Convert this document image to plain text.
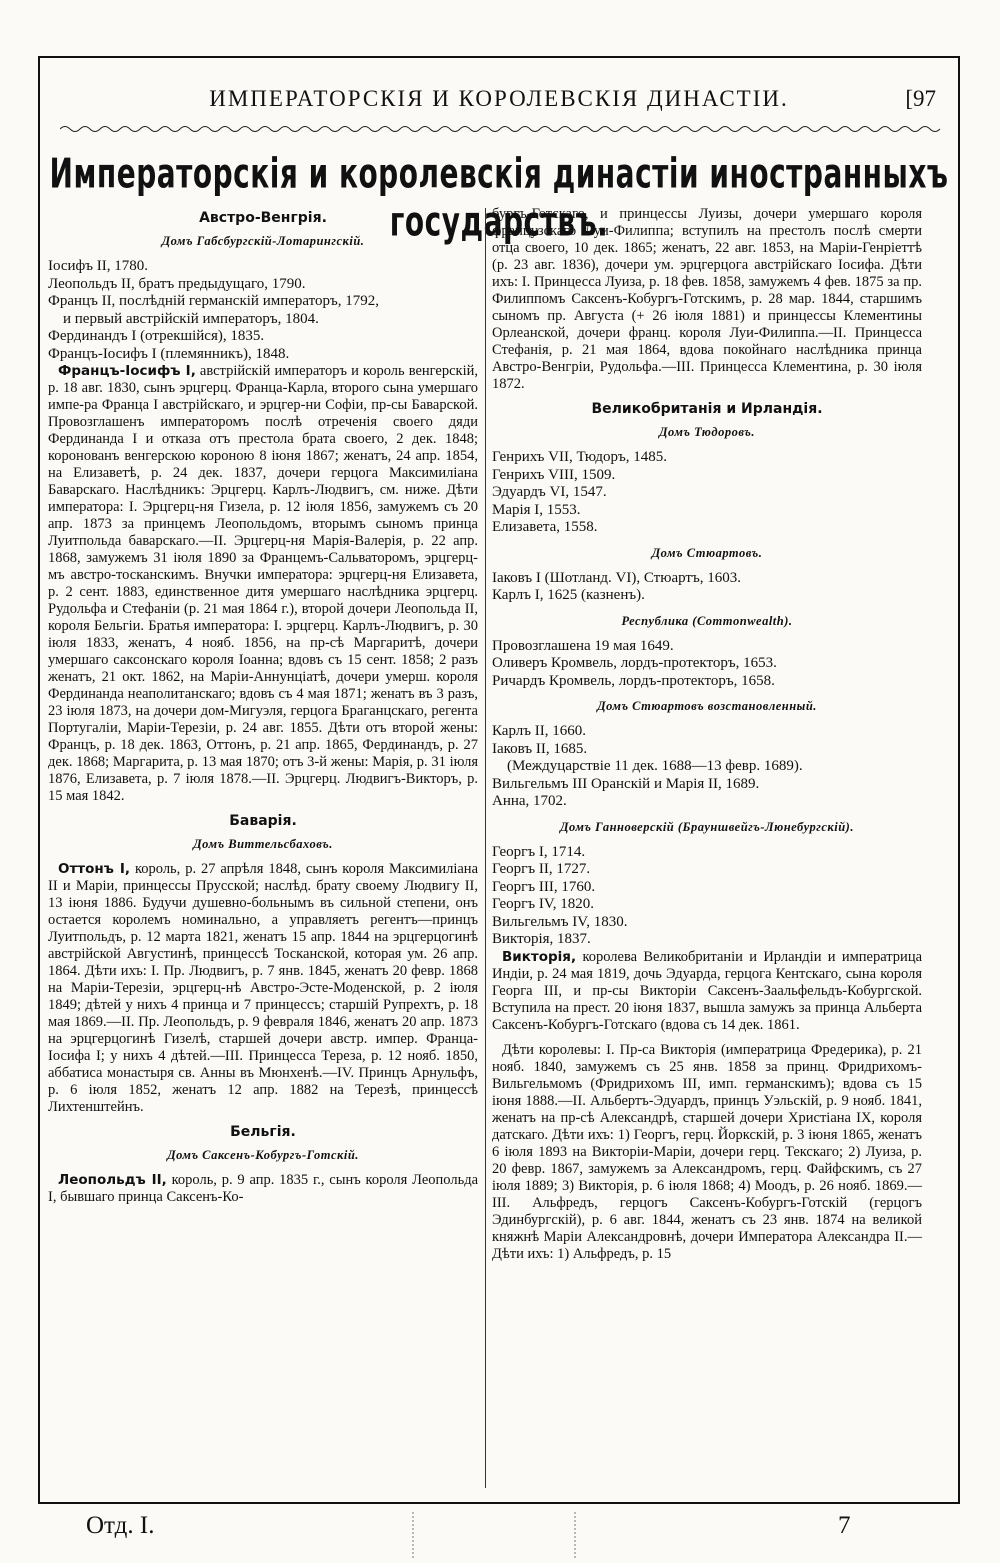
ИМПЕРАТОРСКІЯ И КОРОЛЕВСКІЯ ДИНАСТІИ.	[97
Императорскія и королевскія династіи иностранныхъ государствъ.
Австро-Венгрія.
Домъ Габсбургскій-Лотарингскій.
Іосифъ II, 1780.
Леопольдъ II, братъ предыдущаго, 1790.
Францъ II, послѣдній германскій императоръ, 1792,
и первый австрійскій императоръ, 1804.
Фердинандъ I (отрекшійся), 1835.
Францъ-Іосифъ I (племянникъ), 1848.

Францъ-Іосифъ I, австрійскій императоръ и король венгерскій, р. 18 авг. 1830, сынъ эрцгерц. Франца-Карла, второго сына умершаго импе-ра Франца I австрійскаго, и эрцгер-ни Софіи, пр-сы Баварской. Провозглашенъ императоромъ послѣ отреченія своего дяди Фердинанда I и отказа отъ престола брата своего, 2 дек. 1848; коронованъ венгерскою короною 8 іюня 1867; женатъ, 24 апр. 1854, на Елизаветѣ, р. 24 дек. 1837, дочери герцога Максимиліана Баварскаго. Наслѣдникъ: Эрцгерц. Карлъ-Людвигъ, см. ниже. Дѣти императора: I. Эрцгерц-ня Гизела, р. 12 іюля 1856, замужемъ съ 20 апр. 1873 за принцемъ Леопольдомъ, вторымъ сыномъ принца Луитпольда баварскаго.—II. Эрцгерц-ня Марія-Валерія, р. 22 апр. 1868, замужемъ 31 іюля 1890 за Францемъ-Сальваторомъ, эрцгерц-мъ австро-тосканскимъ. Внучки императора: эрцгерц-ня Елизавета, р. 2 сент. 1883, единственное дитя умершаго наслѣдника эрцгерц. Рудольфа и Стефаніи (р. 21 мая 1864 г.), второй дочери Леопольда II, короля Бельгіи. Братья императора: I. эрцгерц. Карлъ-Людвигъ, р. 30 іюля 1833, женатъ, 4 нояб. 1856, на пр-сѣ Маргаритѣ, дочери умершаго саксонскаго короля Іоанна; вдовъ съ 15 сент. 1858; 2 разъ женатъ, 21 окт. 1862, на Маріи-Аннунціатѣ, дочери умерш. короля Фердинанда неаполитанскаго; вдовъ съ 4 мая 1871; женатъ въ 3 разъ, 23 іюля 1873, на дочери дом-Мигуэля, герцога Браганцскаго, регента Португаліи, Маріи-Терезіи, р. 24 авг. 1855. Дѣти отъ второй жены: Францъ, р. 18 дек. 1863, Оттонъ, р. 21 апр. 1865, Фердинандъ, р. 27 дек. 1868; Маргарита, р. 13 мая 1870; отъ 3-й жены: Марія, р. 31 іюля 1876, Елизавета, р. 7 іюля 1878.—II. Эрцгерц. Людвигъ-Викторъ, р. 15 мая 1842.

Баварія.
Домъ Виттельсбаховъ.

Оттонъ I, король, р. 27 апрѣля 1848, сынъ короля Максимиліана II и Маріи, принцессы Прусской; наслѣд. брату своему Людвигу II, 13 іюня 1886. Будучи душевно-больнымъ въ сильной степени, онъ остается королемъ номинально, а управляетъ регентъ—принцъ Луитпольдъ, р. 12 марта 1821, женатъ 15 апр. 1844 на эрцгерцогинѣ австрійской Августинѣ, принцессѣ Тосканской, которая ум. 26 апр. 1864. Дѣти ихъ: I. Пр. Людвигъ, р. 7 янв. 1845, женатъ 20 февр. 1868 на Маріи-Терезіи, эрцгерц-нѣ Австро-Эсте-Моденской, р. 2 іюля 1849; дѣтей у нихъ 4 принца и 7 принцессъ; старшій Рупрехтъ, р. 18 мая 1869.—II. Пр. Леопольдъ, р. 9 февраля 1846, женатъ 20 апр. 1873 на эрцгерцогинѣ Гизелѣ, старшей дочери австр. импер. Франца-Іосифа I; у нихъ 4 дѣтей.—III. Принцесса Тереза, р. 12 нояб. 1850, аббатиса монастыря св. Анны въ Мюнхенѣ.—IV. Принцъ Арнульфъ, р. 6 іюля 1852, женатъ 12 апр. 1882 на Терезѣ, принцессѣ Лихтенштейнъ.

Бельгія.
Домъ Саксенъ-Кобургъ-Готскій.

Леопольдъ II, король, р. 9 апр. 1835 г., сынъ короля Леопольда I, бывшаго принца Саксенъ-Ко-

бургъ-Готскаго, и принцессы Луизы, дочери умершаго короля французскаго Луи-Филиппа; вступилъ на престолъ послѣ смерти отца своего, 10 дек. 1865; женатъ, 22 авг. 1853, на Маріи-Генріеттѣ (р. 23 авг. 1836), дочери ум. эрцгерцога австрійскаго Іосифа. Дѣти ихъ: I. Принцесса Луиза, р. 18 фев. 1858, замужемъ 4 фев. 1875 за пр. Филиппомъ Саксенъ-Кобургъ-Готскимъ, р. 28 мар. 1844, старшимъ сыномъ пр. Августа (+ 26 іюля 1881) и принцессы Клементины Орлеанской, дочери франц. короля Луи-Филиппа.—II. Принцесса Стефанія, р. 21 мая 1864, вдова покойнаго наслѣдника принца Австро-Венгріи, Рудольфа.—III. Принцесса Клементина, р. 30 іюля 1872.

Великобританія и Ирландія.
Домъ Тюдоровъ.
Генрихъ VII, Тюдоръ, 1485.
Генрихъ VIII, 1509.
Эдуардъ VI, 1547.
Марія I, 1553.
Елизавета, 1558.
Домъ Стюартовъ.
Іаковъ I (Шотланд. VI), Стюартъ, 1603.
Карлъ I, 1625 (казненъ).
Республика (Commonwealth).
Провозглашена 19 мая 1649.
Оливеръ Кромвель, лордъ-протекторъ, 1653.
Ричардъ Кромвель, лордъ-протекторъ, 1658.
Домъ Стюартовъ возстановленный.
Карлъ II, 1660.
Іаковъ II, 1685.
(Междуцарствіе 11 дек. 1688—13 февр. 1689).
Вильгельмъ III Оранскій и Марія II, 1689.
Анна, 1702.
Домъ Ганноверскій (Брауншвейгъ-Люнебургскій).
Георгъ I, 1714.
Георгъ II, 1727.
Георгъ III, 1760.
Георгъ IV, 1820.
Вильгельмъ IV, 1830.
Викторія, 1837.

Викторія, королева Великобританіи и Ирландіи и императрица Индіи, р. 24 мая 1819, дочь Эдуарда, герцога Кентскаго, сына короля Георга III, и пр-сы Викторіи Саксенъ-Заальфельдъ-Кобургской. Вступила на прест. 20 іюня 1837, вышла замужъ за принца Альберта Саксенъ-Кобургъ-Готскаго (вдова съ 14 дек. 1861.

Дѣти королевы: I. Пр-са Викторія (императрица Фредерика), р. 21 нояб. 1840, замужемъ съ 25 янв. 1858 за принц. Фридрихомъ-Вильгельмомъ (Фридрихомъ III, имп. германскимъ); вдова съ 15 іюня 1888.—II. Альбертъ-Эдуардъ, принцъ Уэльскій, р. 9 нояб. 1841, женатъ на пр-сѣ Александрѣ, старшей дочери Христіана IX, короля датскаго. Дѣти ихъ: 1) Георгъ, герц. Йоркскій, р. 3 іюня 1865, женатъ 6 іюля 1893 на Викторіи-Маріи, дочери герц. Текскаго; 2) Луиза, р. 20 февр. 1867, замужемъ за Александромъ, герц. Файфскимъ, съ 27 іюля 1889; 3) Викторія, р. 6 іюля 1868; 4) Моодъ, р. 26 нояб. 1869.—III. Альфредъ, герцогъ Саксенъ-Кобургъ-Готскій (герцогъ Эдинбургскій), р. 6 авг. 1844, женатъ съ 23 янв. 1874 на великой княжнѣ Маріи Александровнѣ, дочери Императора Александра II.—Дѣти ихъ: 1) Альфредъ, р. 15

Отд. I.	7
